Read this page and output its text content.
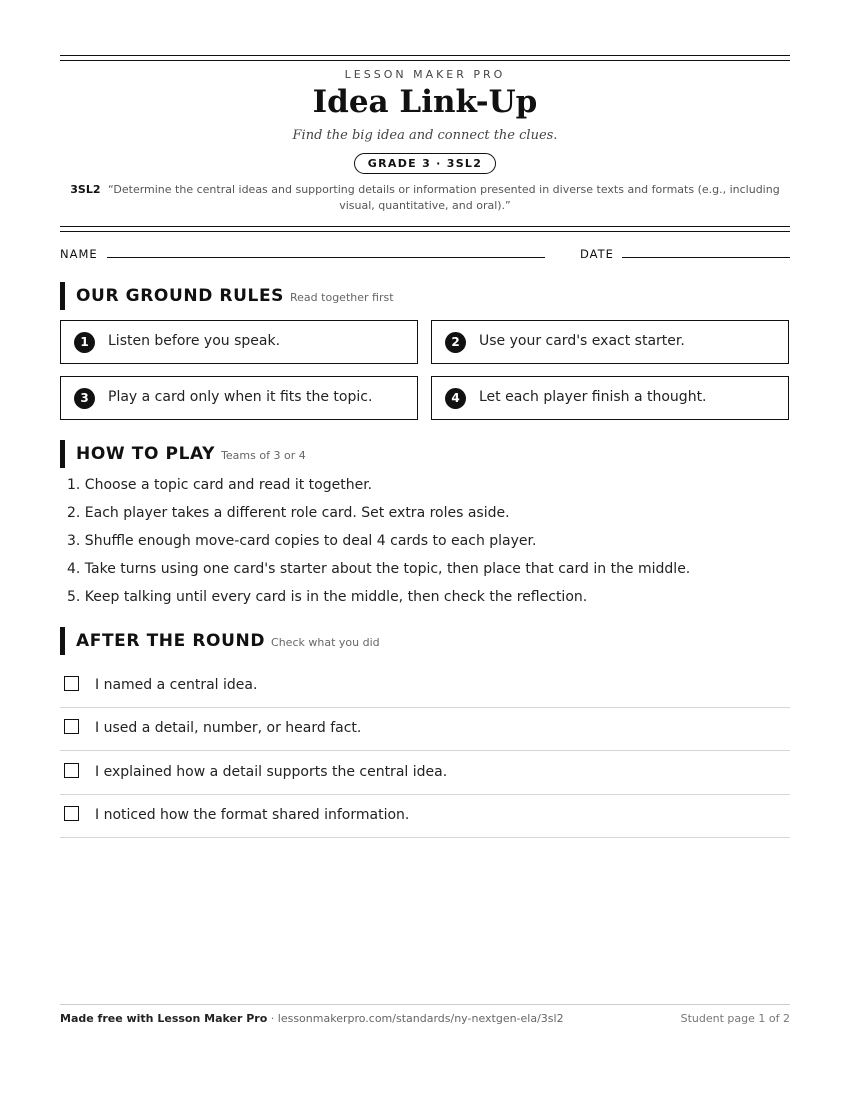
LESSON MAKER PRO
Idea Link-Up
Find the big idea and connect the clues.
GRADE 3 · 3SL2
3SL2 “Determine the central ideas and supporting details or information presented in diverse texts and formats (e.g., including visual, quantitative, and oral).”
NAME	DATE
OUR GROUND RULES Read together first
1	Listen before you speak.	2	Use your card's exact starter.
3	Play a card only when it fits the topic.	4	Let each player finish a thought.
HOW TO PLAY Teams of 3 or 4
1. Choose a topic card and read it together.
2. Each player takes a different role card. Set extra roles aside.
3. Shuffle enough move-card copies to deal 4 cards to each player.
4. Take turns using one card's starter about the topic, then place that card in the middle.
5. Keep talking until every card is in the middle, then check the reflection.
AFTER THE ROUND Check what you did
I named a central idea.
I used a detail, number, or heard fact.
I explained how a detail supports the central idea.
I noticed how the format shared information.
Made free with Lesson Maker Pro · lessonmakerpro.com/standards/ny-nextgen-ela/3sl2	Student page 1 of 2
